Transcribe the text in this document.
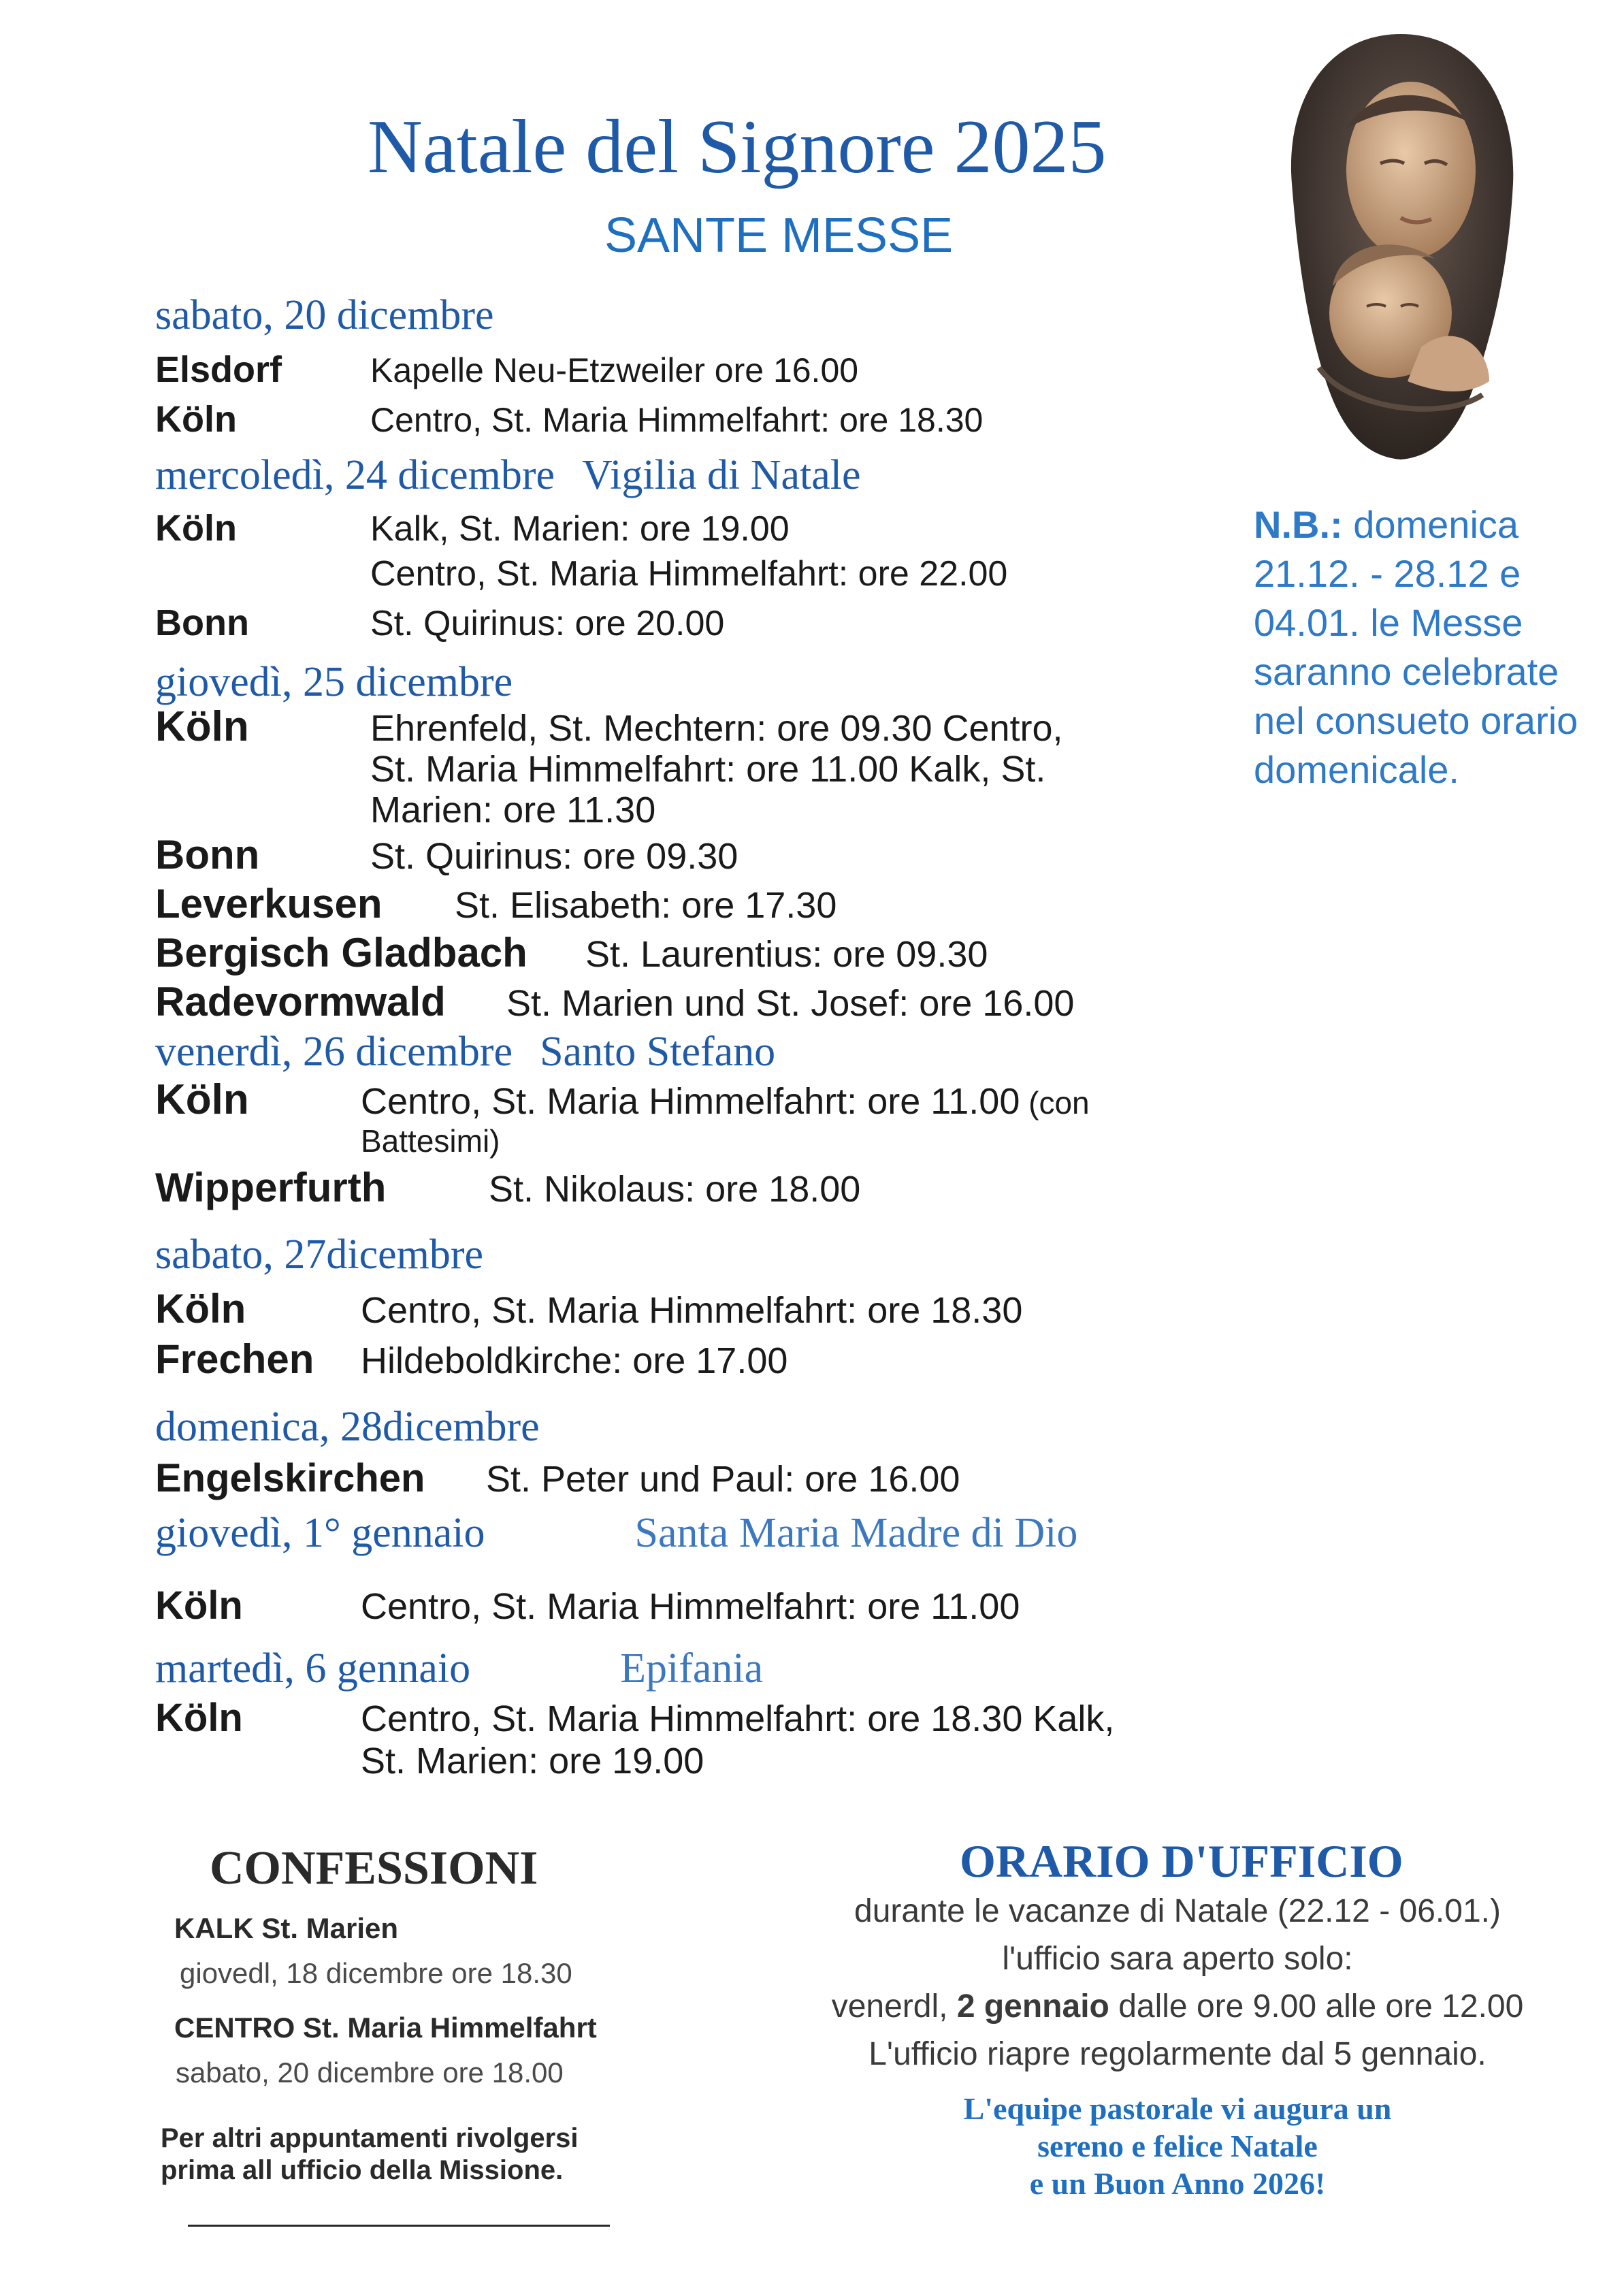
Natale del Signore 2025
SANTE MESSE
sabato, 20 dicembre
Elsdorf	Kapelle Neu-Etzweiler ore 16.00
Köln	Centro, St. Maria Himmelfahrt: ore 18.30
mercoledì, 24 dicembre Vigilia di Natale
Köln	Kalk, St. Marien: ore 19.00
Centro, St. Maria Himmelfahrt: ore 22.00
Bonn	St. Quirinus: ore 20.00
giovedì, 25 dicembre
Köln	Ehrenfeld, St. Mechtern: ore 09.30 Centro,
St. Maria Himmelfahrt: ore 11.00 Kalk, St.
Marien: ore 11.30
Bonn	St. Quirinus: ore 09.30
Leverkusen	St. Elisabeth: ore 17.30
Bergisch Gladbach	St. Laurentius: ore 09.30
Radevormwald	St. Marien und St. Josef: ore 16.00
venerdì, 26 dicembre Santo Stefano
Köln	Centro, St. Maria Himmelfahrt: ore 11.00 (con
Battesimi)
Wipperfurth	St. Nikolaus: ore 18.00
sabato, 27dicembre
Köln	Centro, St. Maria Himmelfahrt: ore 18.30
Frechen	Hildeboldkirche: ore 17.00
domenica, 28dicembre
Engelskirchen	St. Peter und Paul: ore 16.00
giovedì, 1° gennaio	Santa Maria Madre di Dio
Köln	Centro, St. Maria Himmelfahrt: ore 11.00
martedì, 6 gennaio	Epifania
Köln	Centro, St. Maria Himmelfahrt: ore 18.30 Kalk,
St. Marien: ore 19.00
N.B.: domenica
21.12. - 28.12 e
04.01. le Messe
saranno celebrate
nel consueto orario
domenicale.
CONFESSIONI
KALK St. Marien
giovedl, 18 dicembre ore 18.30
CENTRO St. Maria Himmelfahrt
sabato, 20 dicembre ore 18.00
Per altri appuntamenti rivolgersi
prima all ufficio della Missione.
ORARIO D'UFFICIO
durante le vacanze di Natale (22.12 - 06.01.)
l'ufficio sara aperto solo:
venerdl, 2 gennaio dalle ore 9.00 alle ore 12.00
L'ufficio riapre regolarmente dal 5 gennaio.
L'equipe pastorale vi augura un
sereno e felice Natale
e un Buon Anno 2026!
